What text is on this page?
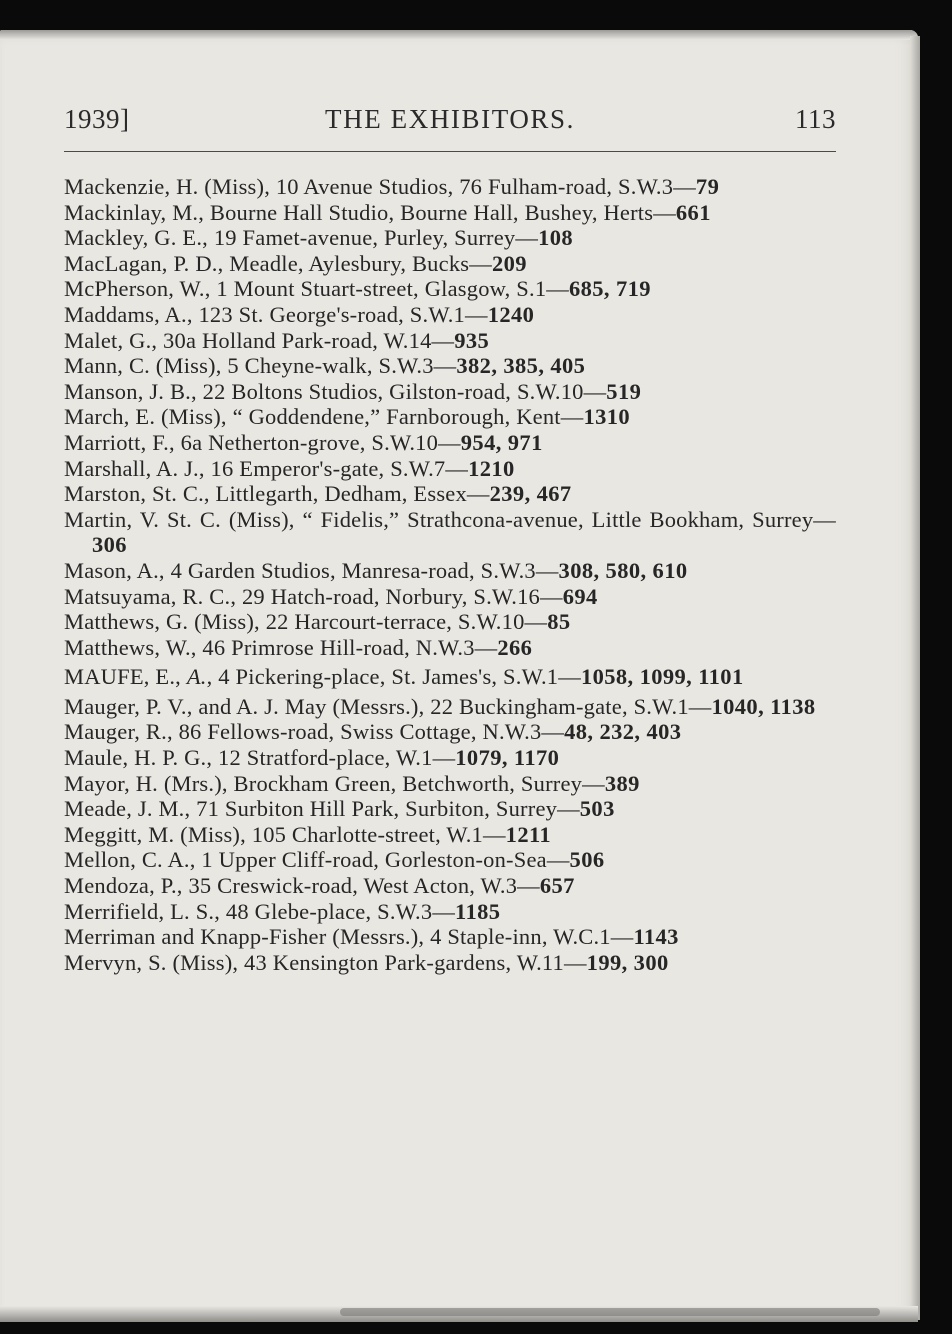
1939]	THE EXHIBITORS.	113

Mackenzie, H. (Miss), 10 Avenue Studios, 76 Fulham-road, S.W.3—79

Mackinlay, M., Bourne Hall Studio, Bourne Hall, Bushey, Herts—661

Mackley, G. E., 19 Famet-avenue, Purley, Surrey—108

MacLagan, P. D., Meadle, Aylesbury, Bucks—209

McPherson, W., 1 Mount Stuart-street, Glasgow, S.1—685, 719

Maddams, A., 123 St. George's-road, S.W.1—1240

Malet, G., 30a Holland Park-road, W.14—935

Mann, C. (Miss), 5 Cheyne-walk, S.W.3—382, 385, 405

Manson, J. B., 22 Boltons Studios, Gilston-road, S.W.10—519

March, E. (Miss), “ Goddendene,” Farnborough, Kent—1310

Marriott, F., 6a Netherton-grove, S.W.10—954, 971

Marshall, A. J., 16 Emperor's-gate, S.W.7—1210

Marston, St. C., Littlegarth, Dedham, Essex—239, 467

Martin, V. St. C. (Miss), “ Fidelis,” Strathcona-avenue, Little Bookham, Surrey—306

Mason, A., 4 Garden Studios, Manresa-road, S.W.3—308, 580, 610

Matsuyama, R. C., 29 Hatch-road, Norbury, S.W.16—694

Matthews, G. (Miss), 22 Harcourt-terrace, S.W.10—85

Matthews, W., 46 Primrose Hill-road, N.W.3—266

MAUFE, E., A., 4 Pickering-place, St. James's, S.W.1—1058, 1099, 1101

Mauger, P. V., and A. J. May (Messrs.), 22 Buckingham-gate, S.W.1—1040, 1138

Mauger, R., 86 Fellows-road, Swiss Cottage, N.W.3—48, 232, 403

Maule, H. P. G., 12 Stratford-place, W.1—1079, 1170

Mayor, H. (Mrs.), Brockham Green, Betchworth, Surrey—389

Meade, J. M., 71 Surbiton Hill Park, Surbiton, Surrey—503

Meggitt, M. (Miss), 105 Charlotte-street, W.1—1211

Mellon, C. A., 1 Upper Cliff-road, Gorleston-on-Sea—506

Mendoza, P., 35 Creswick-road, West Acton, W.3—657

Merrifield, L. S., 48 Glebe-place, S.W.3—1185

Merriman and Knapp-Fisher (Messrs.), 4 Staple-inn, W.C.1—1143

Mervyn, S. (Miss), 43 Kensington Park-gardens, W.11—199, 300
